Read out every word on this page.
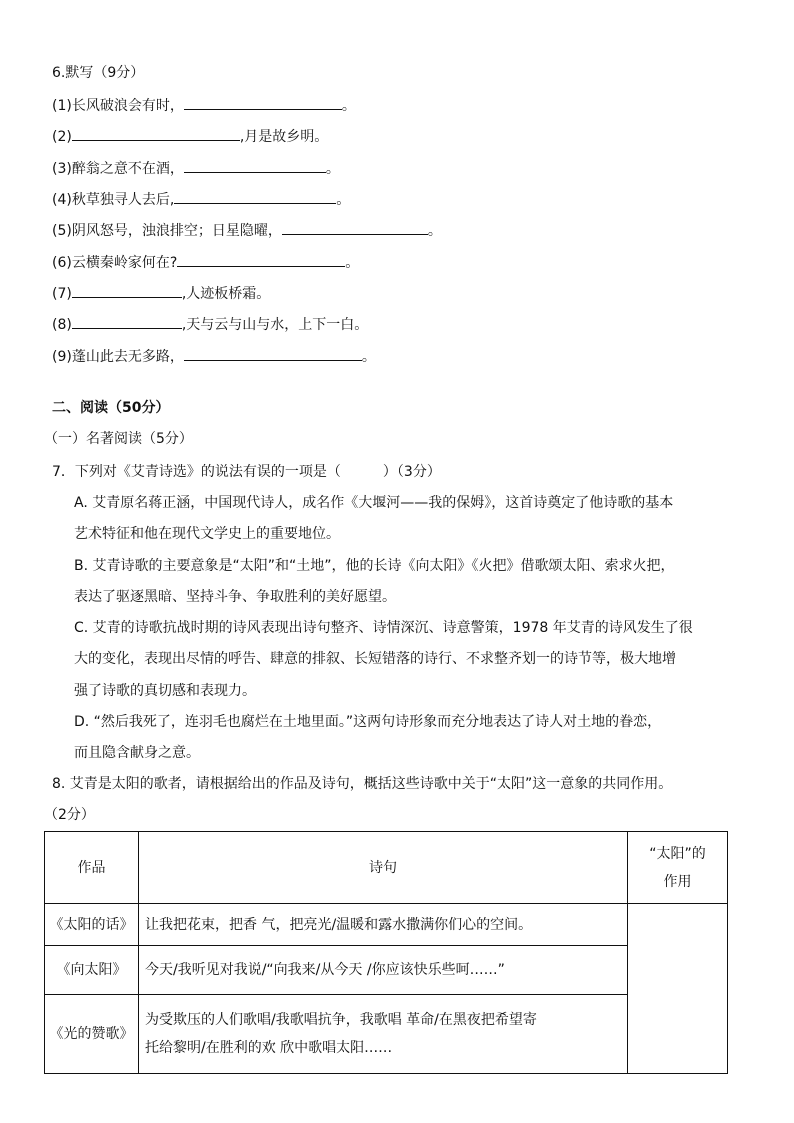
6.默写（9分）
(1)长风破浪会有时，	。
(2)	,月是故乡明。
(3)醉翁之意不在酒，	。
(4)秋草独寻人去后,	。
(5)阴风怒号，浊浪排空；日星隐曜，	。
(6)云横秦岭家何在?	。
(7)	,人迹板桥霜。
(8)	,天与云与山与水，上下一白。
(9)蓬山此去无多路，	。
二、阅读（50分）
（一）名著阅读（5分）
7．下列对《艾青诗选》的说法有误的一项是（　　　）（3分）
A. 艾青原名蒋正涵，中国现代诗人，成名作《大堰河——我的保姆》，这首诗奠定了他诗歌的基本
艺术特征和他在现代文学史上的重要地位。
B. 艾青诗歌的主要意象是“太阳”和“土地”，他的长诗《向太阳》《火把》借歌颂太阳、索求火把，
表达了驱逐黑暗、坚持斗争、争取胜利的美好愿望。
C. 艾青的诗歌抗战时期的诗风表现出诗句整齐、诗情深沉、诗意警策，1978 年艾青的诗风发生了很
大的变化，表现出尽情的呼告、肆意的排叙、长短错落的诗行、不求整齐划一的诗节等，极大地增
强了诗歌的真切感和表现力。
D. “然后我死了，连羽毛也腐烂在土地里面。”这两句诗形象而充分地表达了诗人对土地的眷恋，
而且隐含献身之意。
8. 艾青是太阳的歌者，请根据给出的作品及诗句，概括这些诗歌中关于“太阳”这一意象的共同作用。
（2分）
作品	诗句	“太阳”的
作用

《太阳的话》	让我把花束，把香 气，把亮光/温暖和露水撒满你们心的空间。	
《向太阳》	今天/我听见对我说/“向我来/从今天 /你应该快乐些呵……”	
《光的赞歌》	为受欺压的人们歌唱/我歌唱抗争，我歌唱 革命/在黑夜把希望寄
托给黎明/在胜利的欢 欣中歌唱太阳……	
